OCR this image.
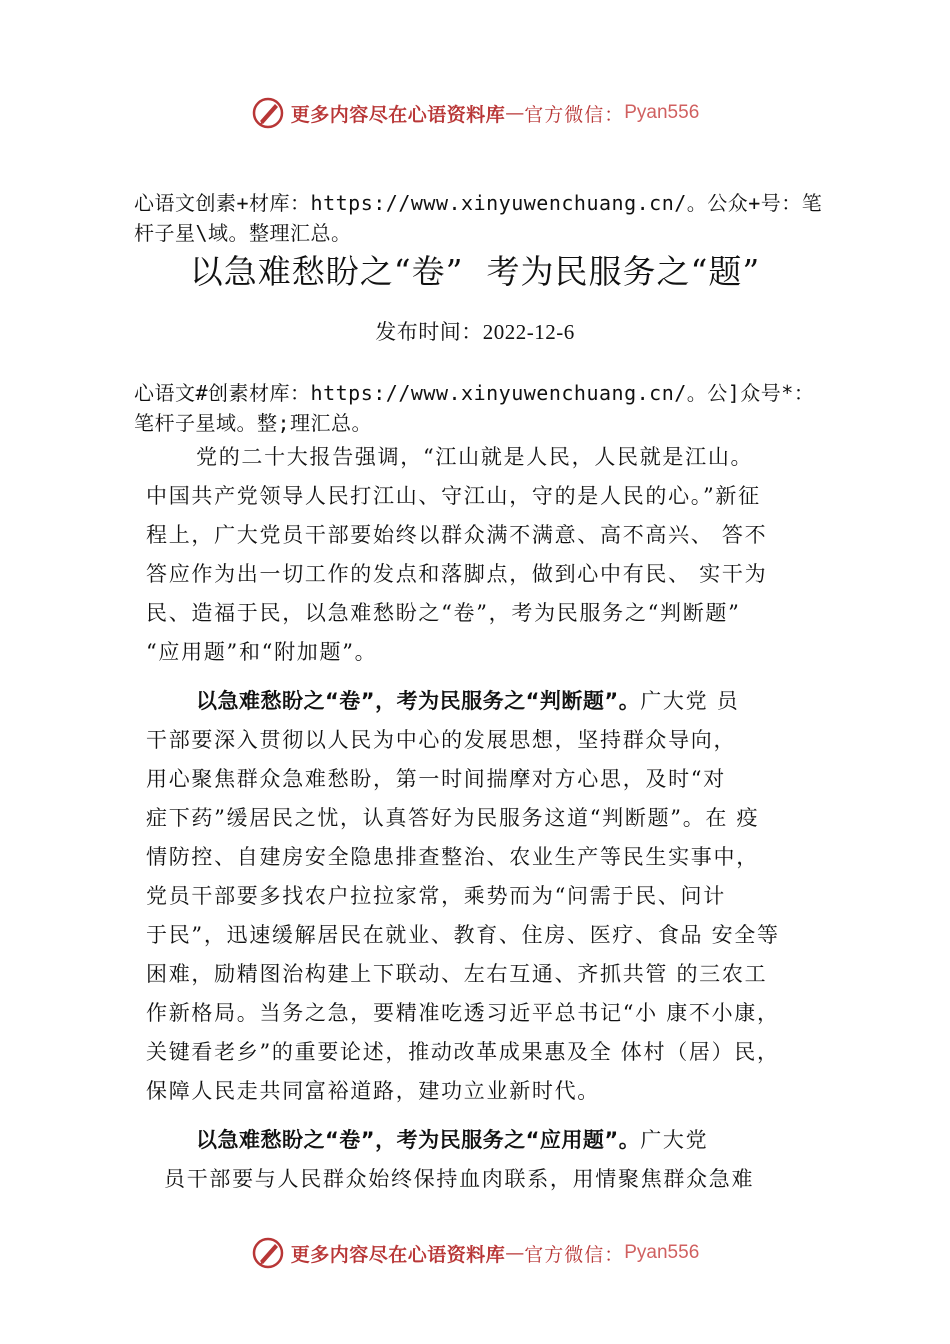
更多内容尽在心语资料库 — 官方微信： Pyan556
心语文创素+材库：https://www.xinyuwenchuang.cn/。公众+号：笔杆子星\域。整理汇总。
以急难愁盼之“卷”  考为民服务之“题”
发布时间：2022-12-6
心语文#创素材库：https://www.xinyuwenchuang.cn/。公]众号*：笔杆子星域。整;理汇总。
党的二十大报告强调，“江山就是人民，人民就是江山。
中国共产党领导人民打江山、守江山，守的是人民的心。”新征
程上，广大党员干部要始终以群众满不满意、高不高兴、 答不
答应作为出一切工作的发点和落脚点，做到心中有民、 实干为
民、造福于民，以急难愁盼之“卷”，考为民服务之“判断题”
“应用题”和“附加题”。
以急难愁盼之“卷”，考为民服务之“判断题”。广大党 员
干部要深入贯彻以人民为中心的发展思想，坚持群众导向，
用心聚焦群众急难愁盼，第一时间揣摩对方心思，及时“对
症下药”缓居民之忧，认真答好为民服务这道“判断题”。在 疫
情防控、自建房安全隐患排查整治、农业生产等民生实事中，
党员干部要多找农户拉拉家常，乘势而为“问需于民、问计
于民”，迅速缓解居民在就业、教育、住房、医疗、食品 安全等
困难，励精图治构建上下联动、左右互通、齐抓共管 的三农工
作新格局。当务之急，要精准吃透习近平总书记“小 康不小康，
关键看老乡”的重要论述，推动改革成果惠及全 体村（居）民，
保障人民走共同富裕道路，建功立业新时代。
以急难愁盼之“卷”，考为民服务之“应用题”。广大党
员干部要与人民群众始终保持血肉联系，用情聚焦群众急难
更多内容尽在心语资料库 — 官方微信： Pyan556
